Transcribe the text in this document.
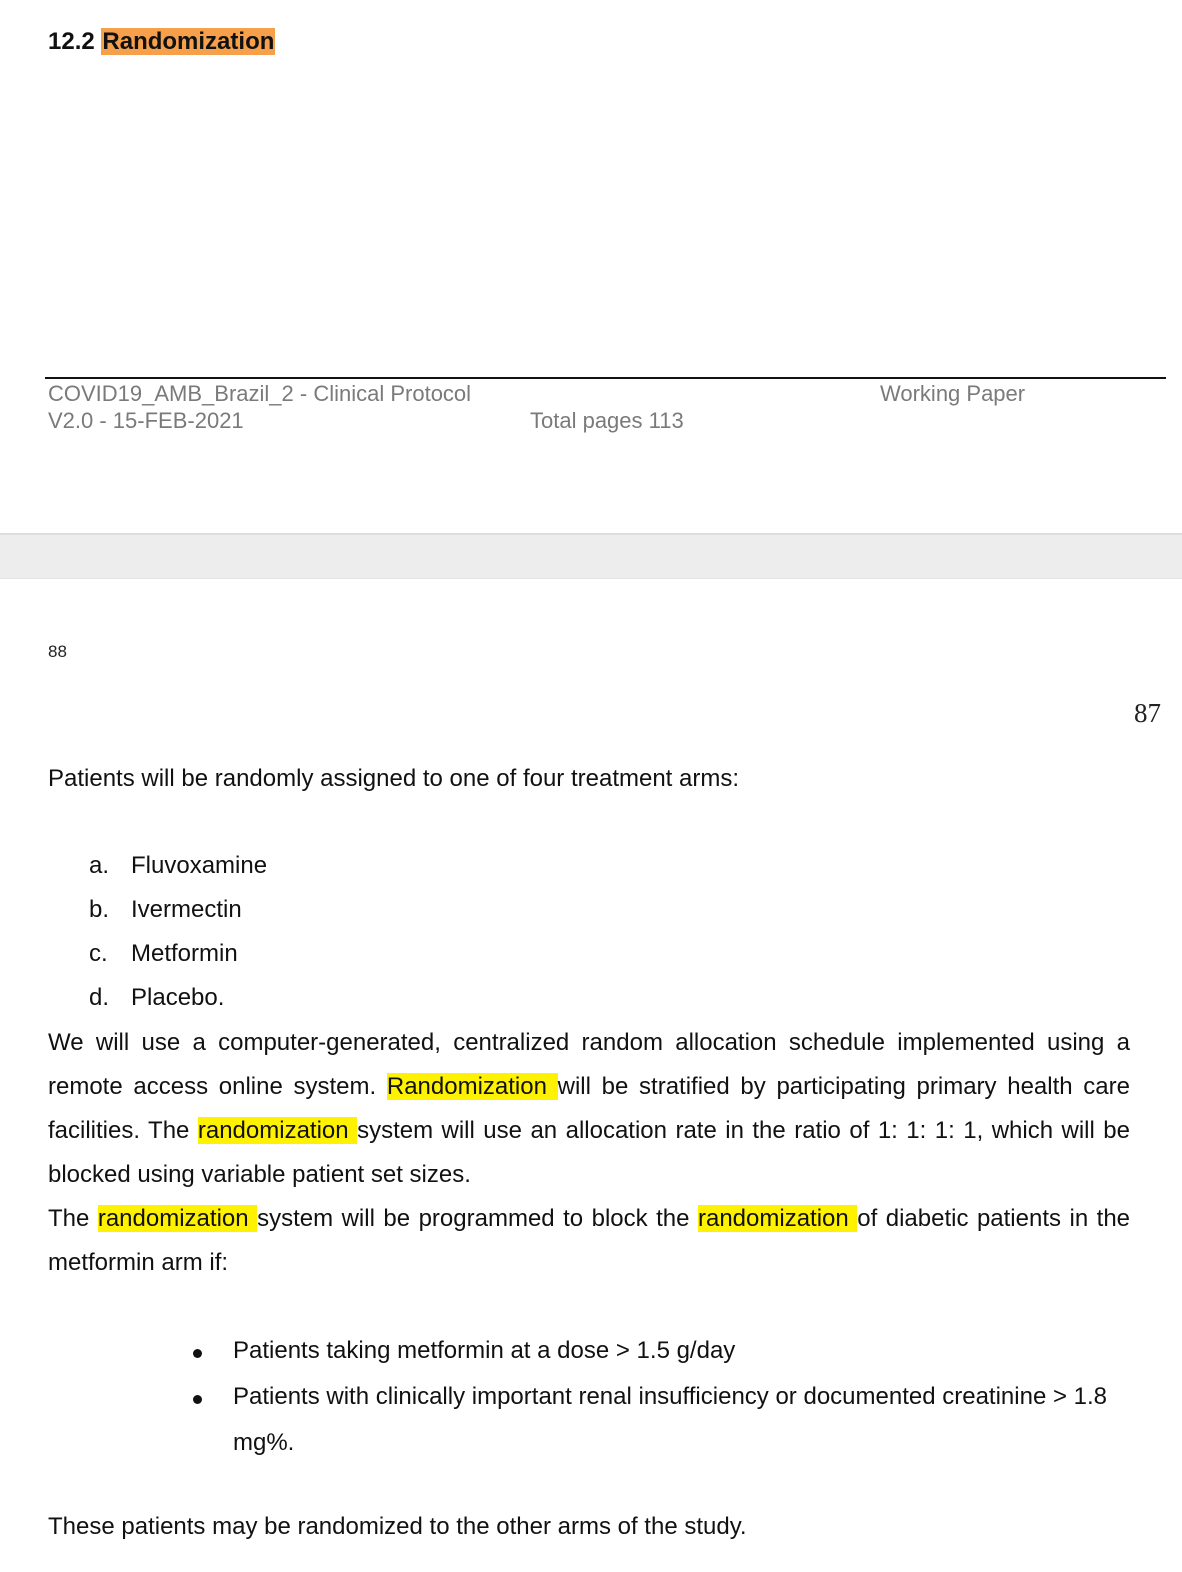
12.2 Randomization
COVID19_AMB_Brazil_2 - Clinical Protocol
V2.0 - 15-FEB-2021	Total pages 113
Working Paper
88
87
Patients will be randomly assigned to one of four treatment arms:
a. Fluvoxamine
b. Ivermectin
c. Metformin
d. Placebo.
We will use a computer-generated, centralized random allocation schedule implemented using a remote access online system. Randomization will be stratified by participating primary health care facilities. The randomization system will use an allocation rate in the ratio of 1: 1: 1: 1, which will be blocked using variable patient set sizes.
The randomization system will be programmed to block the randomization of diabetic patients in the metformin arm if:
Patients taking metformin at a dose > 1.5 g/day
Patients with clinically important renal insufficiency or documented creatinine > 1.8 mg%.
These patients may be randomized to the other arms of the study.
